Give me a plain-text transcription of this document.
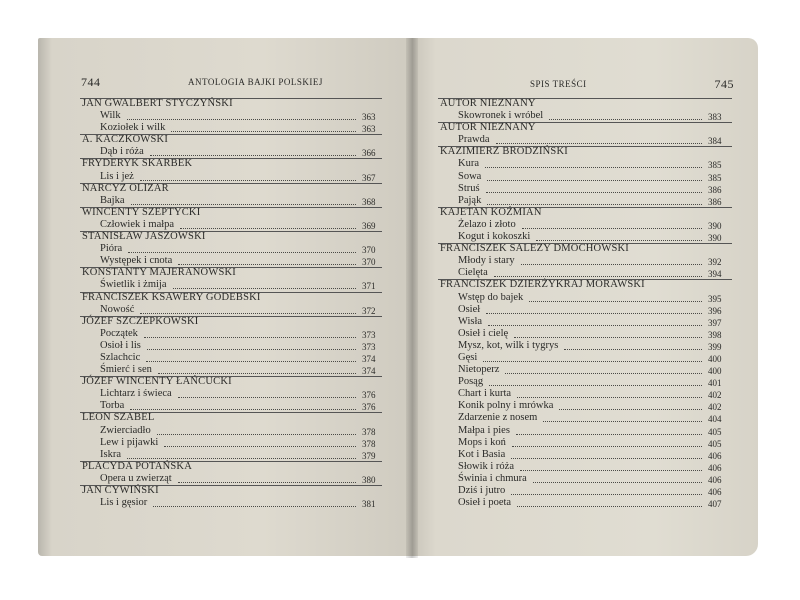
744	ANTOLOGIA BAJKI POLSKIEJ
JAN GWALBERT STYCZYŃSKI
Wilk	363
Koziołek i wilk	363
A. KACZKOWSKI
Dąb i róża	366
FRYDERYK SKARBEK
Lis i jeż	367
NARCYZ OLIZAR
Bajka	368
WINCENTY SZEPTYCKI
Człowiek i małpa	369
STANISŁAW JASZOWSKI
Pióra	370
Występek i cnota	370
KONSTANTY MAJERANOWSKI
Świetlik i żmija	371
FRANCISZEK KSAWERY GODEBSKI
Nowość	372
JÓZEF SZCZEPKOWSKI
Początek	373
Osioł i lis	373
Szlachcic	374
Śmierć i sen	374
JÓZEF WINCENTY ŁAŃCUCKI
Lichtarz i świeca	376
Torba	376
LEON SZABEL
Zwierciadło	378
Lew i pijawki	378
Iskra	379
PLACYDA POTAŃSKA
Opera u zwierząt	380
JAN CYWIŃSKI
Lis i gęsior	381
SPIS TREŚCI	745
AUTOR NIEZNANY
Skowronek i wróbel	383
AUTOR NIEZNANY
Prawda	384
KAZIMIERZ BRODZIŃSKI
Kura	385
Sowa	385
Struś	386
Pająk	386
KAJETAN KOŹMIAN
Żelazo i złoto	390
Kogut i kokoszki	390
FRANCISZEK SALEZY DMOCHOWSKI
Młody i stary	392
Cielęta	394
FRANCISZEK DZIERŻYKRAJ MORAWSKI
Wstęp do bajek	395
Osieł	396
Wisła	397
Osieł i cielę	398
Mysz, kot, wilk i tygrys	399
Gęsi	400
Nietoperz	400
Posąg	401
Chart i kurta	402
Konik polny i mrówka	402
Zdarzenie z nosem	404
Małpa i pies	405
Mops i koń	405
Kot i Basia	406
Słowik i róża	406
Świnia i chmura	406
Dziś i jutro	406
Osieł i poeta	407
